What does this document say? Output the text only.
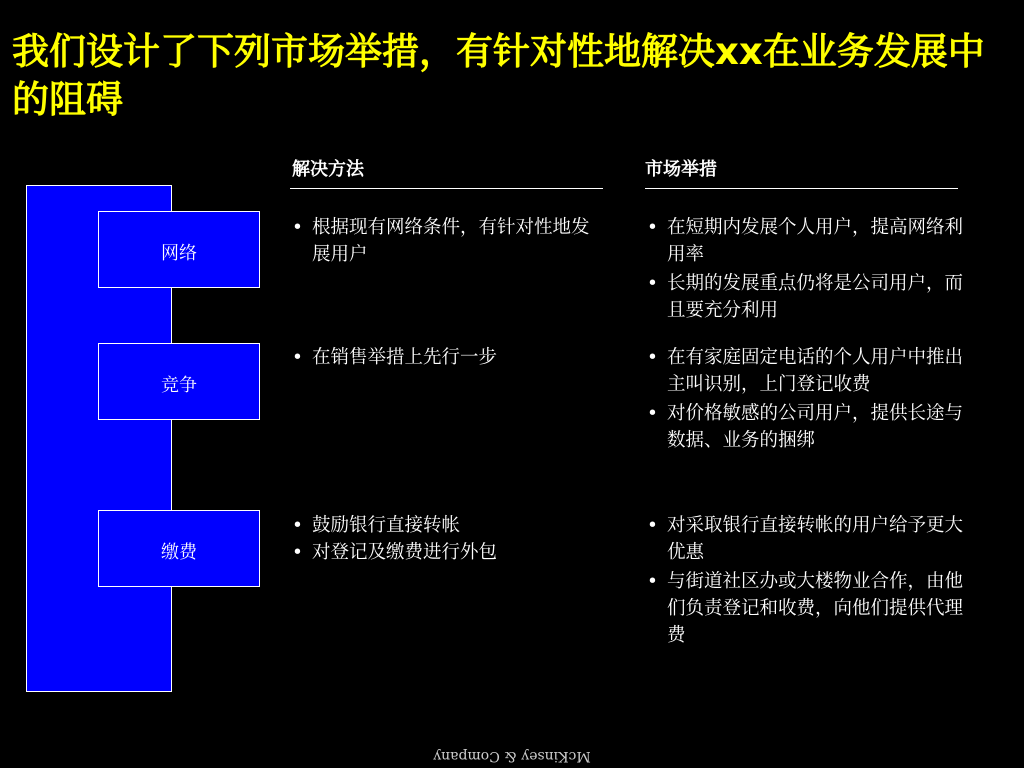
我们设计了下列市场举措，有针对性地解决xx在业务发展中的阻碍
解决方法	市场举措
网络
竞争
缴费
• 根据现有网络条件，有针对性地发展用户
• 在短期内发展个人用户，提高网络利用率
• 长期的发展重点仍将是公司用户，而且要充分利用
• 在销售举措上先行一步	• 在有家庭固定电话的个人用户中推出主叫识别，上门登记收费
• 对价格敏感的公司用户，提供长途与数据、业务的捆绑
• 鼓励银行直接转帐
• 对登记及缴费进行外包
• 对采取银行直接转帐的用户给予更大优惠
• 与街道社区办或大楼物业合作，由他们负责登记和收费，向他们提供代理费
McKinsey & Company
